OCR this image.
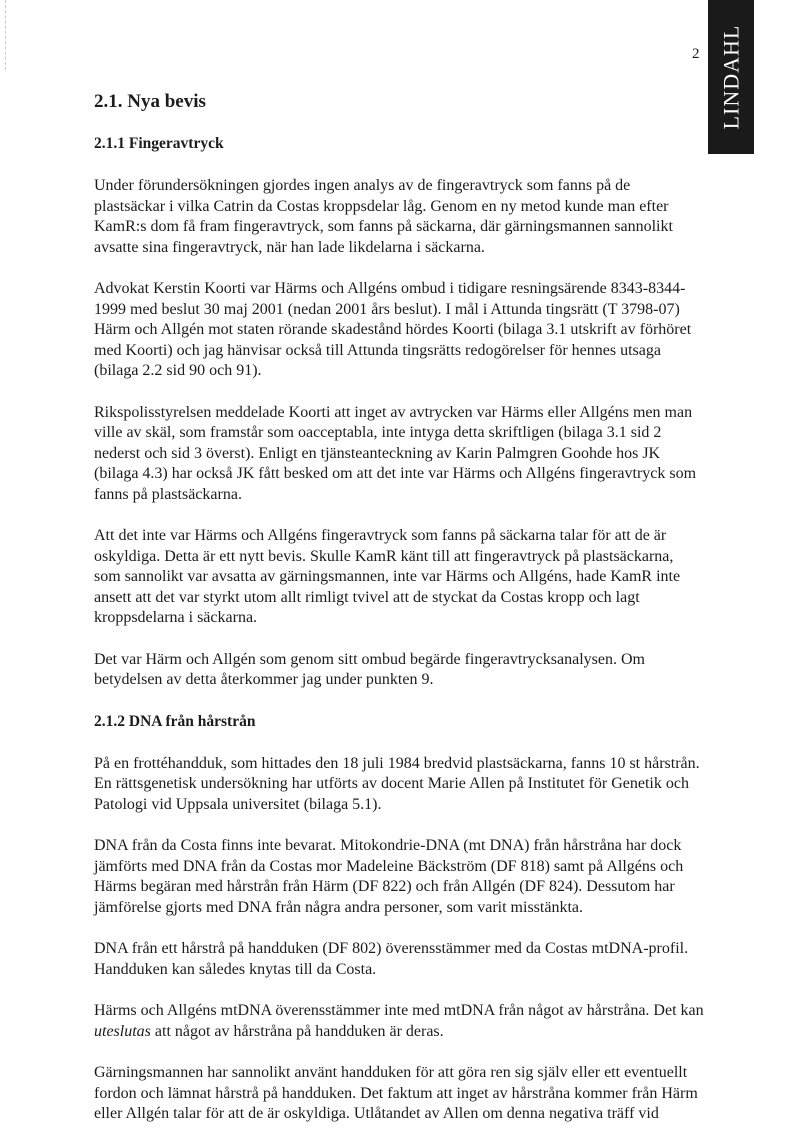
LINDAHL
2
2.1. Nya bevis
2.1.1 Fingeravtryck

Under förundersökningen gjordes ingen analys av de fingeravtryck som fanns på de plastsäckar i vilka Catrin da Costas kroppsdelar låg. Genom en ny metod kunde man efter KamR:s dom få fram fingeravtryck, som fanns på säckarna, där gärningsmannen sannolikt avsatte sina fingeravtryck, när han lade likdelarna i säckarna.

Advokat Kerstin Koorti var Härms och Allgéns ombud i tidigare resningsärende 8343-8344-1999 med beslut 30 maj 2001 (nedan 2001 års beslut). I mål i Attunda tingsrätt (T 3798-07) Härm och Allgén mot staten rörande skadestånd hördes Koorti (bilaga 3.1 utskrift av förhöret med Koorti) och jag hänvisar också till Attunda tingsrätts redogörelser för hennes utsaga (bilaga 2.2 sid 90 och 91).

Rikspolisstyrelsen meddelade Koorti att inget av avtrycken var Härms eller Allgéns men man ville av skäl, som framstår som oacceptabla, inte intyga detta skriftligen (bilaga 3.1 sid 2 nederst och sid 3 överst). Enligt en tjänsteanteckning av Karin Palmgren Goohde hos JK (bilaga 4.3) har också JK fått besked om att det inte var Härms och Allgéns fingeravtryck som fanns på plastsäckarna.

Att det inte var Härms och Allgéns fingeravtryck som fanns på säckarna talar för att de är oskyldiga. Detta är ett nytt bevis. Skulle KamR känt till att fingeravtryck på plastsäckarna, som sannolikt var avsatta av gärningsmannen, inte var Härms och Allgéns, hade KamR inte ansett att det var styrkt utom allt rimligt tvivel att de styckat da Costas kropp och lagt kroppsdelarna i säckarna.

Det var Härm och Allgén som genom sitt ombud begärde fingeravtrycksanalysen. Om betydelsen av detta återkommer jag under punkten 9.

2.1.2 DNA från hårstrån

På en frottéhandduk, som hittades den 18 juli 1984 bredvid plastsäckarna, fanns 10 st hårstrån. En rättsgenetisk undersökning har utförts av docent Marie Allen på Institutet för Genetik och Patologi vid Uppsala universitet (bilaga 5.1).

DNA från da Costa finns inte bevarat. Mitokondrie-DNA (mt DNA) från hårstråna har dock jämförts med DNA från da Costas mor Madeleine Bäckström (DF 818) samt på Allgéns och Härms begäran med hårstrån från Härm (DF 822) och från Allgén (DF 824). Dessutom har jämförelse gjorts med DNA från några andra personer, som varit misstänkta.

DNA från ett hårstrå på handduken (DF 802) överensstämmer med da Costas mtDNA-profil. Handduken kan således knytas till da Costa.

Härms och Allgéns mtDNA överensstämmer inte med mtDNA från något av hårstråna. Det kan uteslutas att något av hårstråna på handduken är deras.

Gärningsmannen har sannolikt använt handduken för att göra ren sig själv eller ett eventuellt fordon och lämnat hårstrå på handduken. Det faktum att inget av hårstråna kommer från Härm eller Allgén talar för att de är oskyldiga. Utlåtandet av Allen om denna negativa träff vid
